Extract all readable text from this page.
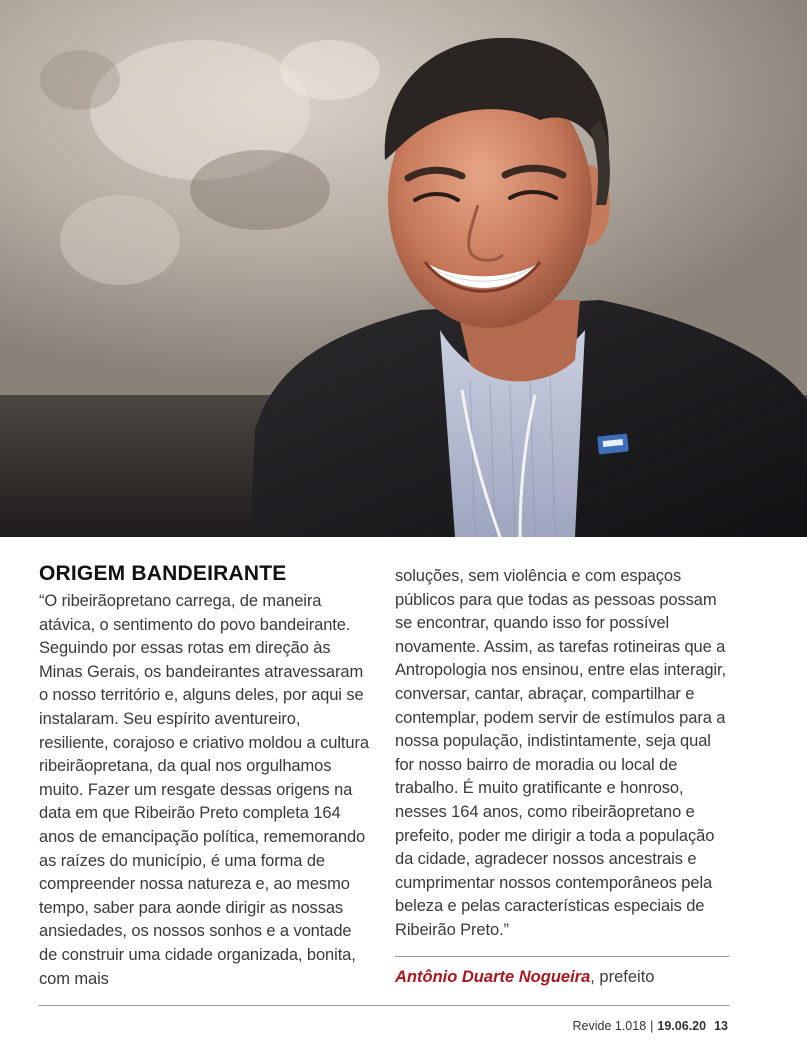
ORIGEM BANDEIRANTE

“O ribeirãopretano carrega, de maneira atávica, o sentimento do povo bandeirante. Seguindo por essas rotas em direção às Minas Gerais, os bandeirantes atravessaram o nosso território e, alguns deles, por aqui se instalaram. Seu espírito aventureiro, resiliente, corajoso e criativo moldou a cultura ribeirãopretana, da qual nos orgulhamos muito. Fazer um resgate dessas origens na data em que Ribeirão Preto completa 164 anos de emancipação política, rememorando as raízes do município, é uma forma de compreender nossa natureza e, ao mesmo tempo, saber para aonde dirigir as nossas ansiedades, os nossos sonhos e a vontade de construir uma cidade organizada, bonita, com mais

soluções, sem violência e com espaços públicos para que todas as pessoas possam se encontrar, quando isso for possível novamente. Assim, as tarefas rotineiras que a Antropologia nos ensinou, entre elas interagir, conversar, cantar, abraçar, compartilhar e contemplar, podem servir de estímulos para a nossa população, indistintamente, seja qual for nosso bairro de moradia ou local de trabalho. É muito gratificante e honroso, nesses 164 anos, como ribeirãopretano e prefeito, poder me dirigir a toda a população da cidade, agradecer nossos ancestrais e cumprimentar nossos contemporâneos pela beleza e pelas características especiais de Ribeirão Preto.”

Antônio Duarte Nogueira, prefeito
Revide 1.018 | 19.06.20 13
